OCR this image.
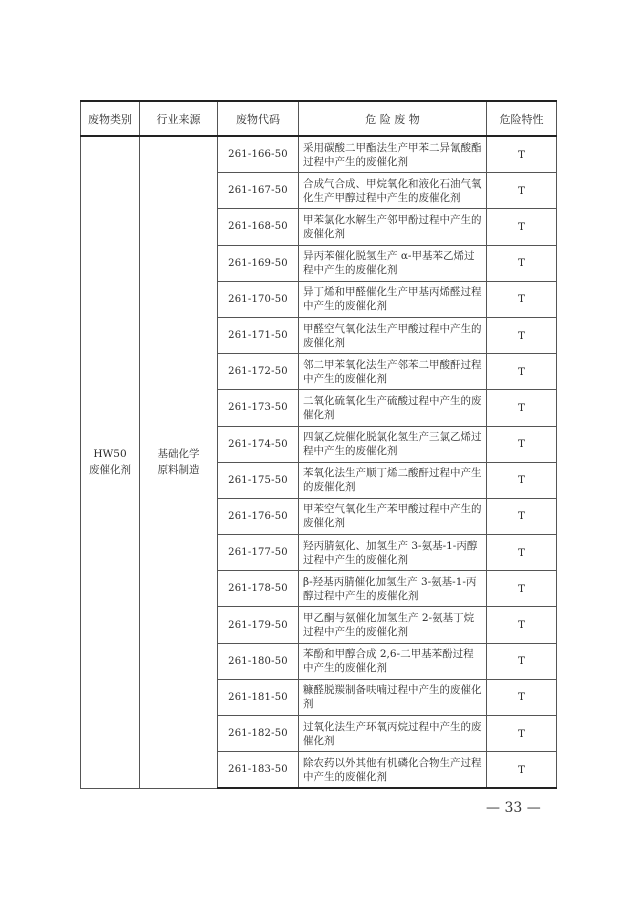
废物类别	行业来源	废物代码	危 险 废 物	危险特性

HW50
废催化剂	基础化学原料制造	261-166-50	采用碳酸二甲酯法生产甲苯二异氰酸酯过程中产生的废催化剂	T
		261-167-50	合成气合成、甲烷氧化和液化石油气氧化生产甲醇过程中产生的废催化剂	T
		261-168-50	甲苯氯化水解生产邻甲酚过程中产生的废催化剂	T
		261-169-50	异丙苯催化脱氢生产 α-甲基苯乙烯过程中产生的废催化剂	T
		261-170-50	异丁烯和甲醛催化生产甲基丙烯醛过程中产生的废催化剂	T
		261-171-50	甲醛空气氧化法生产甲酸过程中产生的废催化剂	T
		261-172-50	邻二甲苯氧化法生产邻苯二甲酸酐过程中产生的废催化剂	T
		261-173-50	二氧化硫氧化生产硫酸过程中产生的废催化剂	T
		261-174-50	四氯乙烷催化脱氯化氢生产三氯乙烯过程中产生的废催化剂	T
		261-175-50	苯氧化法生产顺丁烯二酸酐过程中产生的废催化剂	T
		261-176-50	甲苯空气氧化生产苯甲酸过程中产生的废催化剂	T
		261-177-50	羟丙腈氨化、加氢生产 3-氨基-1-丙醇过程中产生的废催化剂	T
		261-178-50	β-羟基丙腈催化加氢生产 3-氨基-1-丙醇过程中产生的废催化剂	T
		261-179-50	甲乙酮与氨催化加氢生产 2-氨基丁烷过程中产生的废催化剂	T
		261-180-50	苯酚和甲醇合成 2,6-二甲基苯酚过程中产生的废催化剂	T
		261-181-50	糠醛脱羰制备呋喃过程中产生的废催化剂	T
		261-182-50	过氧化法生产环氧丙烷过程中产生的废催化剂	T
		261-183-50	除农药以外其他有机磷化合物生产过程中产生的废催化剂	T
— 33 —
